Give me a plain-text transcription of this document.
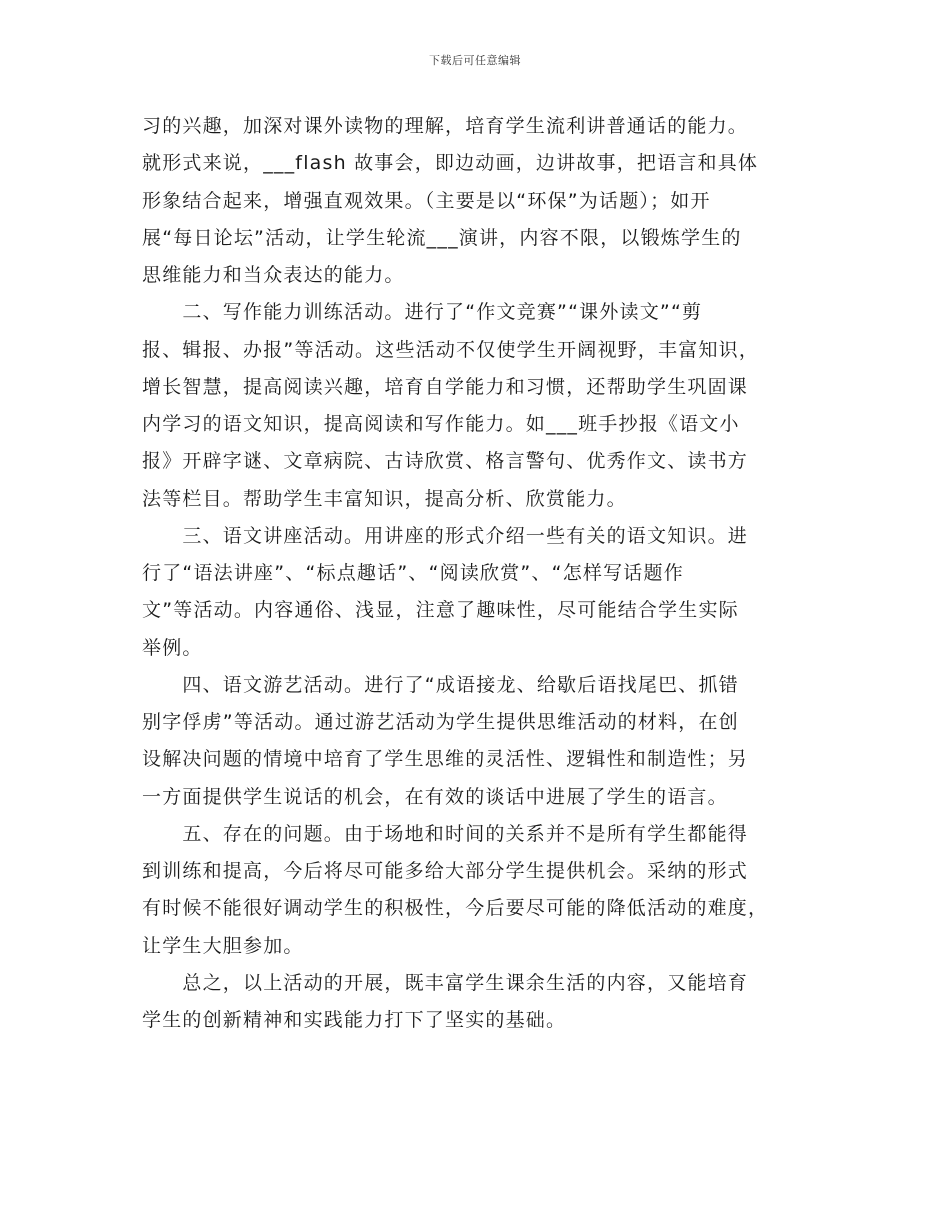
下载后可任意编辑
习的兴趣，加深对课外读物的理解，培育学生流利讲普通话的能力。
就形式来说，___flash 故事会，即边动画，边讲故事，把语言和具体
形象结合起来，增强直观效果。（主要是以“环保”为话题）；如开
展“每日论坛”活动，让学生轮流___演讲，内容不限，以锻炼学生的
思维能力和当众表达的能力。
　　二、写作能力训练活动。进行了“作文竞赛”“课外读文”“剪
报、辑报、办报”等活动。这些活动不仅使学生开阔视野，丰富知识，
增长智慧，提高阅读兴趣，培育自学能力和习惯，还帮助学生巩固课
内学习的语文知识，提高阅读和写作能力。如___班手抄报《语文小
报》开辟字谜、文章病院、古诗欣赏、格言警句、优秀作文、读书方
法等栏目。帮助学生丰富知识，提高分析、欣赏能力。
　　三、语文讲座活动。用讲座的形式介绍一些有关的语文知识。进
行了“语法讲座”、“标点趣话”、“阅读欣赏”、“怎样写话题作
文”等活动。内容通俗、浅显，注意了趣味性，尽可能结合学生实际
举例。
　　四、语文游艺活动。进行了“成语接龙、给歇后语找尾巴、抓错
别字俘虏”等活动。通过游艺活动为学生提供思维活动的材料，在创
设解决问题的情境中培育了学生思维的灵活性、逻辑性和制造性；另
一方面提供学生说话的机会，在有效的谈话中进展了学生的语言。
　　五、存在的问题。由于场地和时间的关系并不是所有学生都能得
到训练和提高，今后将尽可能多给大部分学生提供机会。采纳的形式
有时候不能很好调动学生的积极性，今后要尽可能的降低活动的难度，
让学生大胆参加。
　　总之，以上活动的开展，既丰富学生课余生活的内容，又能培育
学生的创新精神和实践能力打下了坚实的基础。
